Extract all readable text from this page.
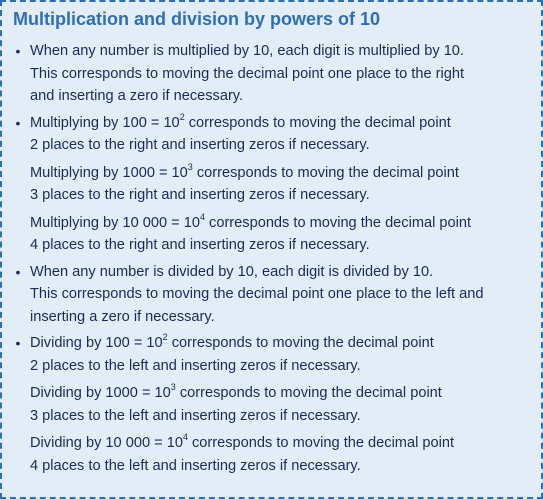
Multiplication and division by powers of 10
• When any number is multiplied by 10, each digit is multiplied by 10.
This corresponds to moving the decimal point one place to the right
and inserting a zero if necessary.
• Multiplying by $100 = 10^2$ corresponds to moving the decimal point
2 places to the right and inserting zeros if necessary.
Multiplying by $1000 = 10^3$ corresponds to moving the decimal point
3 places to the right and inserting zeros if necessary.
Multiplying by 10 $000 = 10^4$ corresponds to moving the decimal point
4 places to the right and inserting zeros if necessary.
• When any number is divided by 10, each digit is divided by 10.
This corresponds to moving the decimal point one place to the left and
inserting a zero if necessary.
• Dividing by $100 = 10^2$ corresponds to moving the decimal point
2 places to the left and inserting zeros if necessary.
Dividing by $1000 = 10^3$ corresponds to moving the decimal point
3 places to the left and inserting zeros if necessary.
Dividing by 10 $000 = 10^4$ corresponds to moving the decimal point
4 places to the left and inserting zeros if necessary.
